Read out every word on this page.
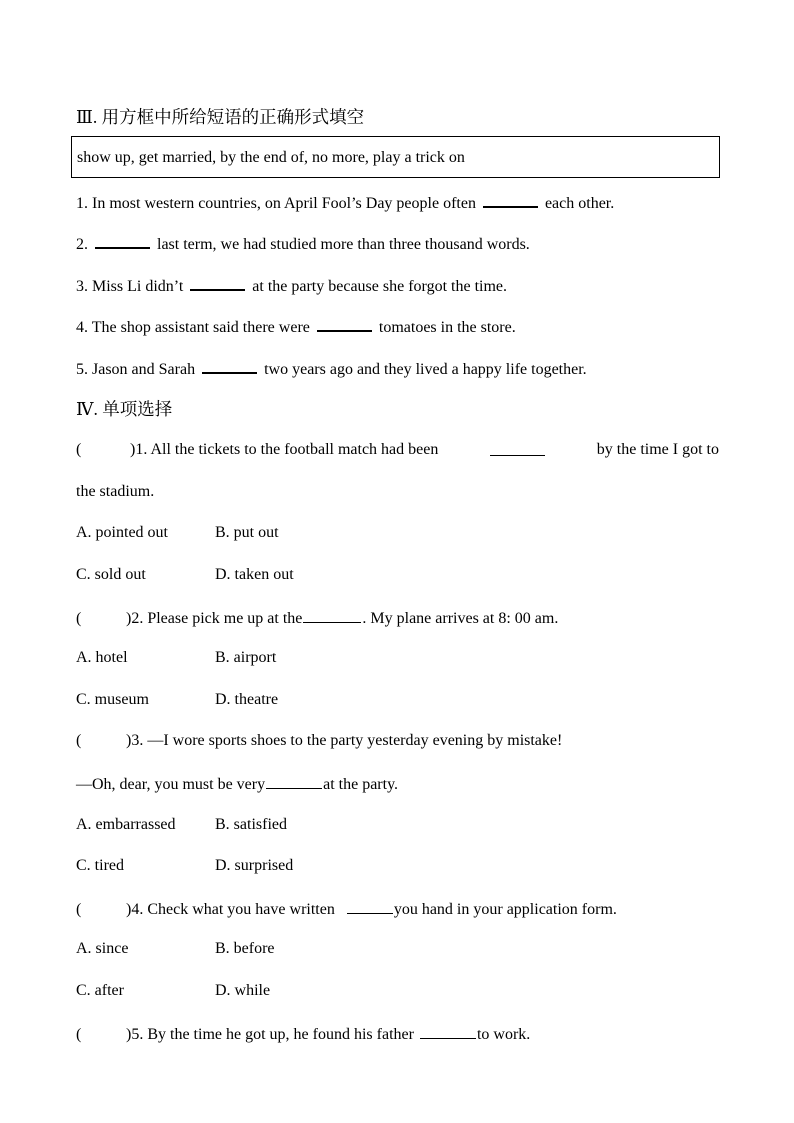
Ⅲ. 用方框中所给短语的正确形式填空
show up, get married, by the end of, no more, play a trick on
1. In most western countries, on April Fool’s Day people often	each other.
2.	last term, we had studied more than three thousand words.
3. Miss Li didn’t	at the party because she forgot the time.
4. The shop assistant said there were	tomatoes in the store.
5. Jason and Sarah	two years ago and they lived a happy life together.
Ⅳ. 单项选择
(	)1. All the tickets to the football match had been	by the time I got to
the stadium.
A. pointed out	B. put out
C. sold out	D. taken out
(	)2. Please pick me up at the	. My plane arrives at 8: 00 am.
A. hotel	B. airport
C. museum	D. theatre
(	)3. —I wore sports shoes to the party yesterday evening by mistake!
—Oh, dear, you must be very	at the party.
A. embarrassed B. satisfied
C. tired	D. surprised
(	)4. Check what you have written	you hand in your application form.
A. since	B. before
C. after	D. while
(	)5. By the time he got up, he found his father	to work.
